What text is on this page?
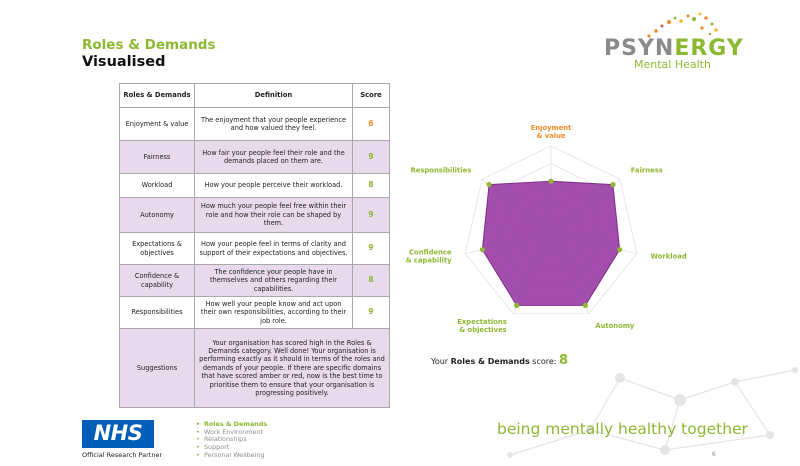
Roles & Demands
Visualised
PSYNERGY
Mental Health
Roles & Demands	Definition	Score
Enjoyment & value	The enjoyment that your people experience and how valued they feel.	6
Fairness	How fair your people feel their role and the demands placed on them are.	9
Workload	How your people perceive their workload.	8
Autonomy	How much your people feel free within their role and how their role can be shaped by them.	9
Expectations & objectives	How your people feel in terms of clarity and support of their expectations and objectives.	9
Confidence & capability	The confidence your people have in themselves and others regarding their capabilities.	8
Responsibilities	How well your people know and act upon their own responsibilities, according to their job role.	9
Suggestions	Your organisation has scored high in the Roles & Demands category. Well done! Your organisation is performing exactly as it should in terms of the roles and demands of your people. If there are specific domains that have scored amber or red, now is the best time to prioritise them to ensure that your organisation is progressing positively.	
Enjoyment & value
Fairness
Workload
Autonomy
Expectations & objectives
Confidence & capability
Responsibilities
Your Roles & Demands score: 8
NHS
Official Research Partner
• Roles & Demands
• Work Environment
• Relationships
• Support
• Personal Wellbeing
being mentally healthy together
6
